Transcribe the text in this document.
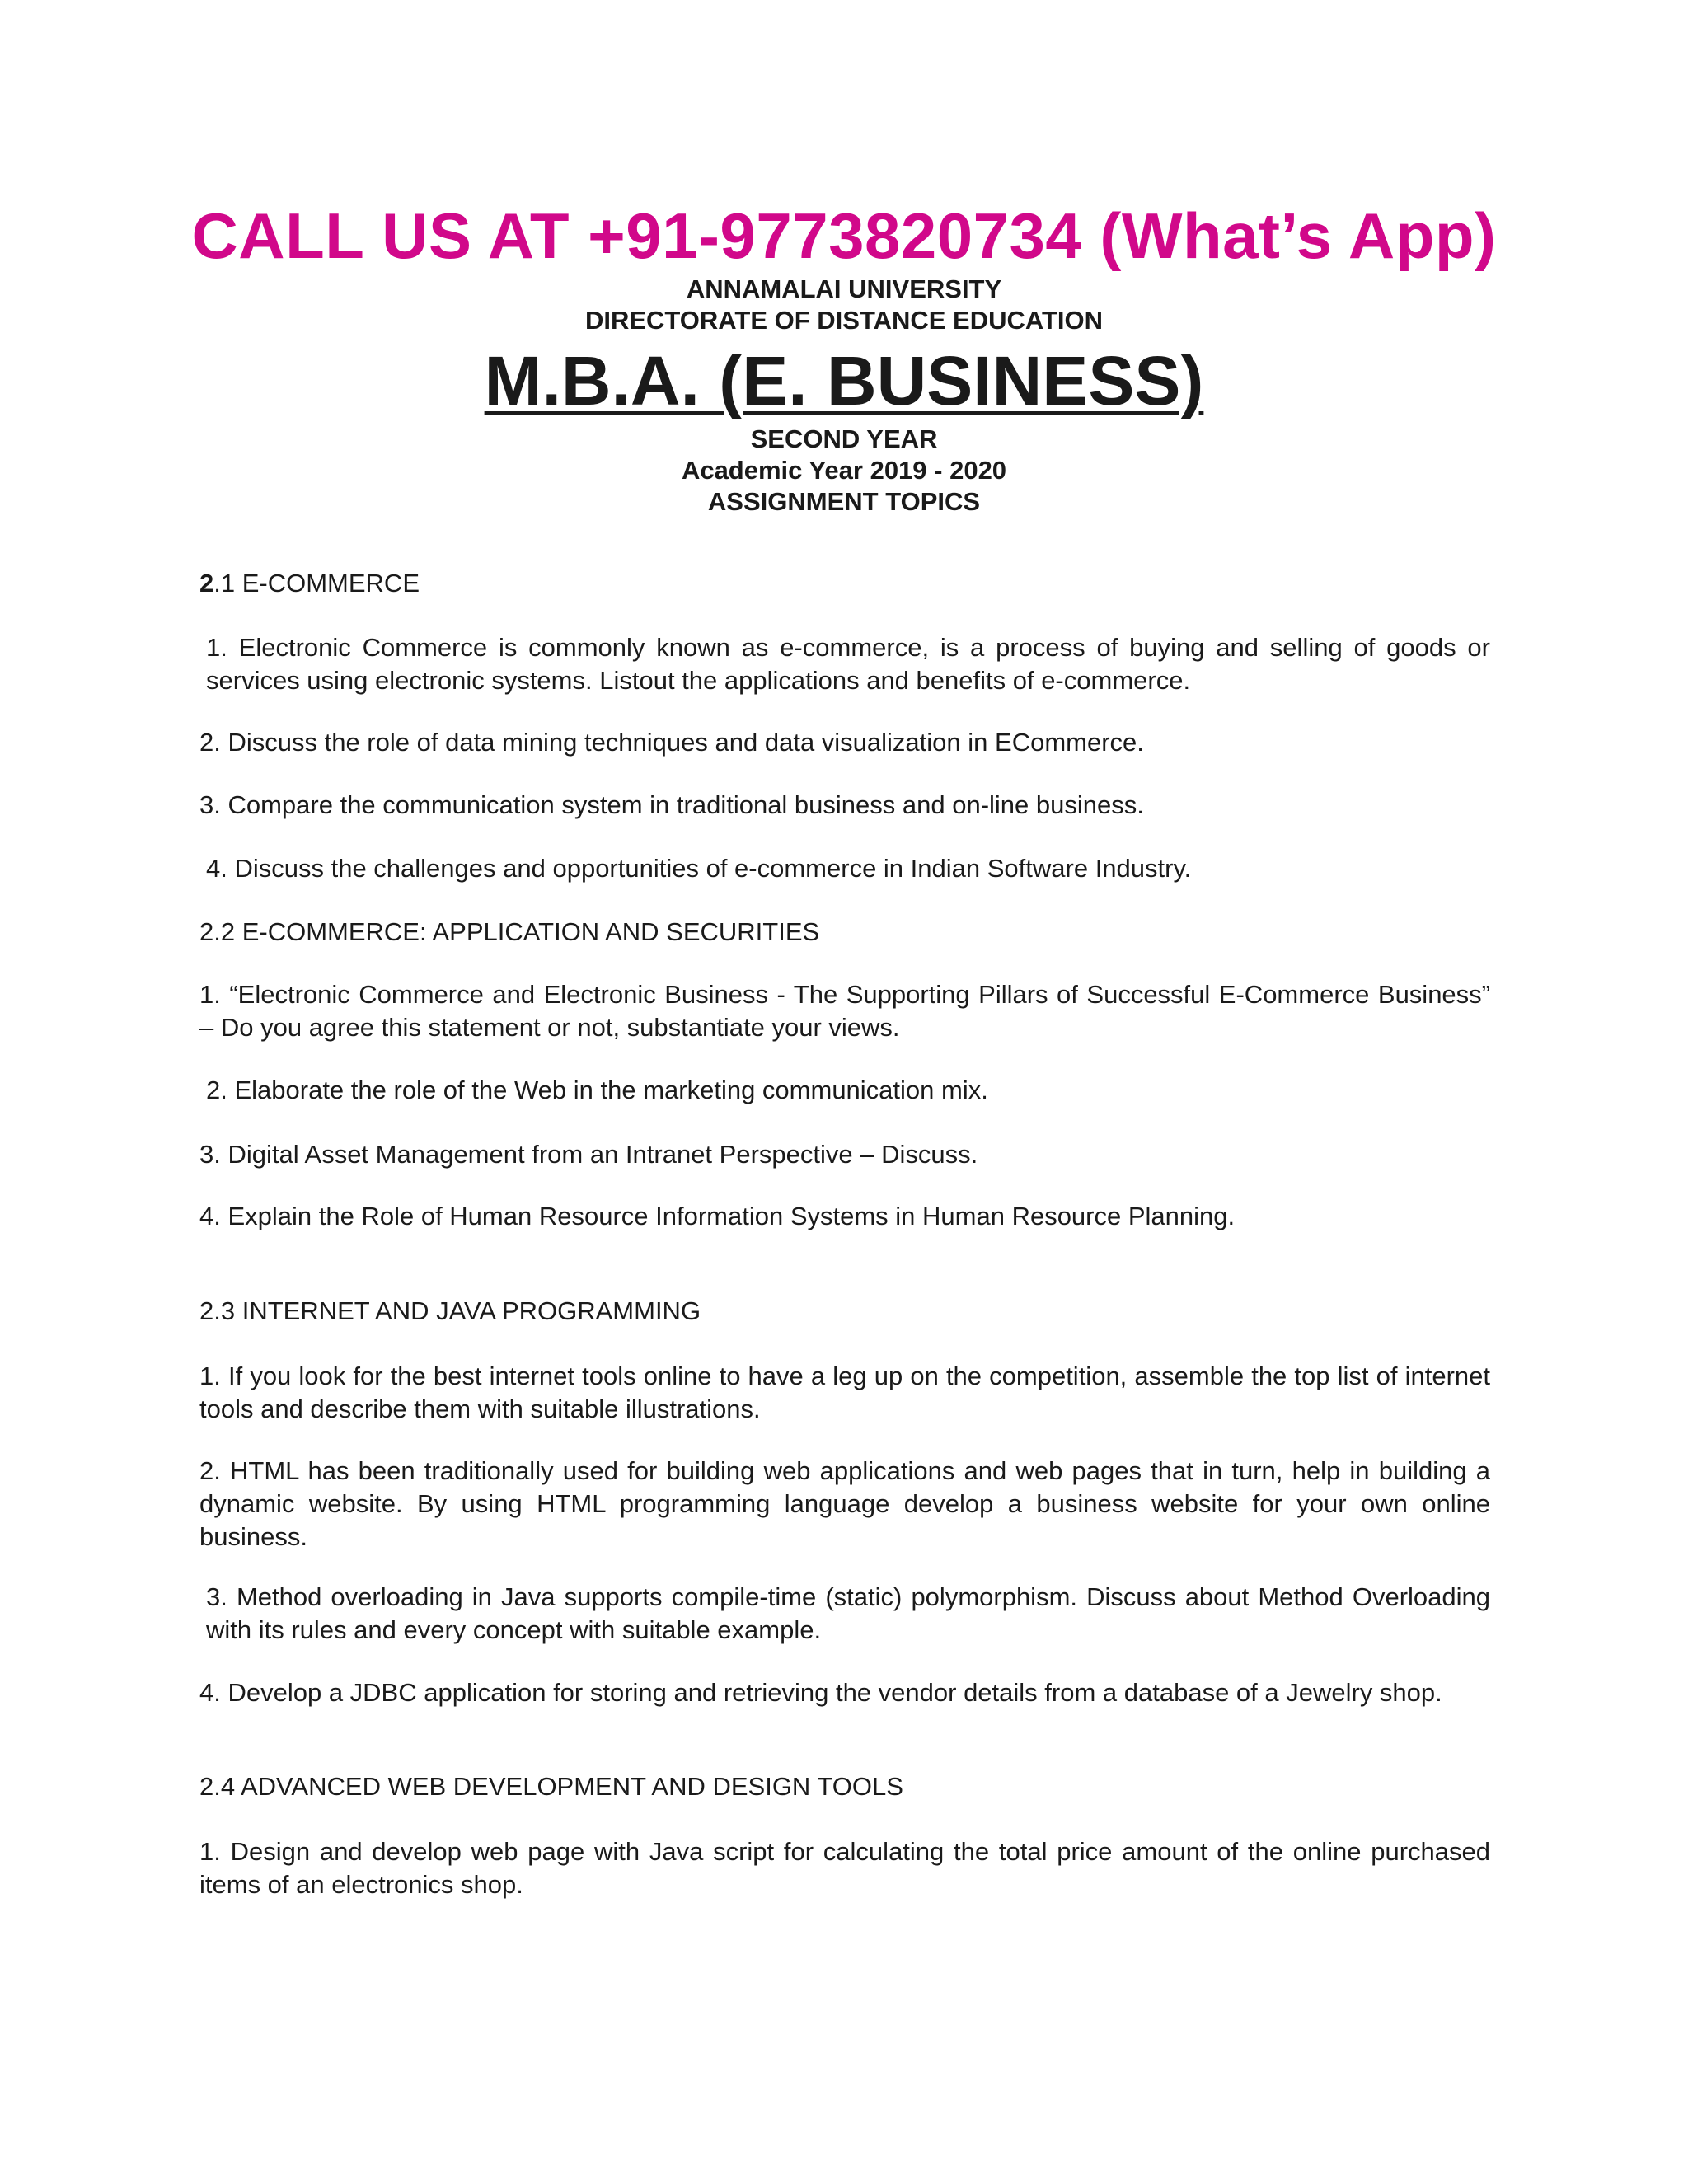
CALL US AT +91-9773820734 (What’s App)
ANNAMALAI UNIVERSITY
DIRECTORATE OF DISTANCE EDUCATION
M.B.A. (E. BUSINESS)
SECOND YEAR
Academic Year 2019 - 2020
ASSIGNMENT TOPICS
2.1 E-COMMERCE
1. Electronic Commerce is commonly known as e-commerce, is a process of buying and selling of goods or services using electronic systems. Listout the applications and benefits of e-commerce.
2. Discuss the role of data mining techniques and data visualization in ECommerce.
3. Compare the communication system in traditional business and on-line business.
4. Discuss the challenges and opportunities of e-commerce in Indian Software Industry.
2.2 E-COMMERCE: APPLICATION AND SECURITIES
1. “Electronic Commerce and Electronic Business - The Supporting Pillars of Successful E-Commerce Business” – Do you agree this statement or not, substantiate your views.
2. Elaborate the role of the Web in the marketing communication mix.
3. Digital Asset Management from an Intranet Perspective – Discuss.
4. Explain the Role of Human Resource Information Systems in Human Resource Planning.
2.3 INTERNET AND JAVA PROGRAMMING
1. If you look for the best internet tools online to have a leg up on the competition, assemble the top list of internet tools and describe them with suitable illustrations.
2. HTML has been traditionally used for building web applications and web pages that in turn, help in building a dynamic website. By using HTML programming language develop a business website for your own online business.
3. Method overloading in Java supports compile-time (static) polymorphism. Discuss about Method Overloading with its rules and every concept with suitable example.
4. Develop a JDBC application for storing and retrieving the vendor details from a database of a Jewelry shop.
2.4 ADVANCED WEB DEVELOPMENT AND DESIGN TOOLS
1. Design and develop web page with Java script for calculating the total price amount of the online purchased items of an electronics shop.
